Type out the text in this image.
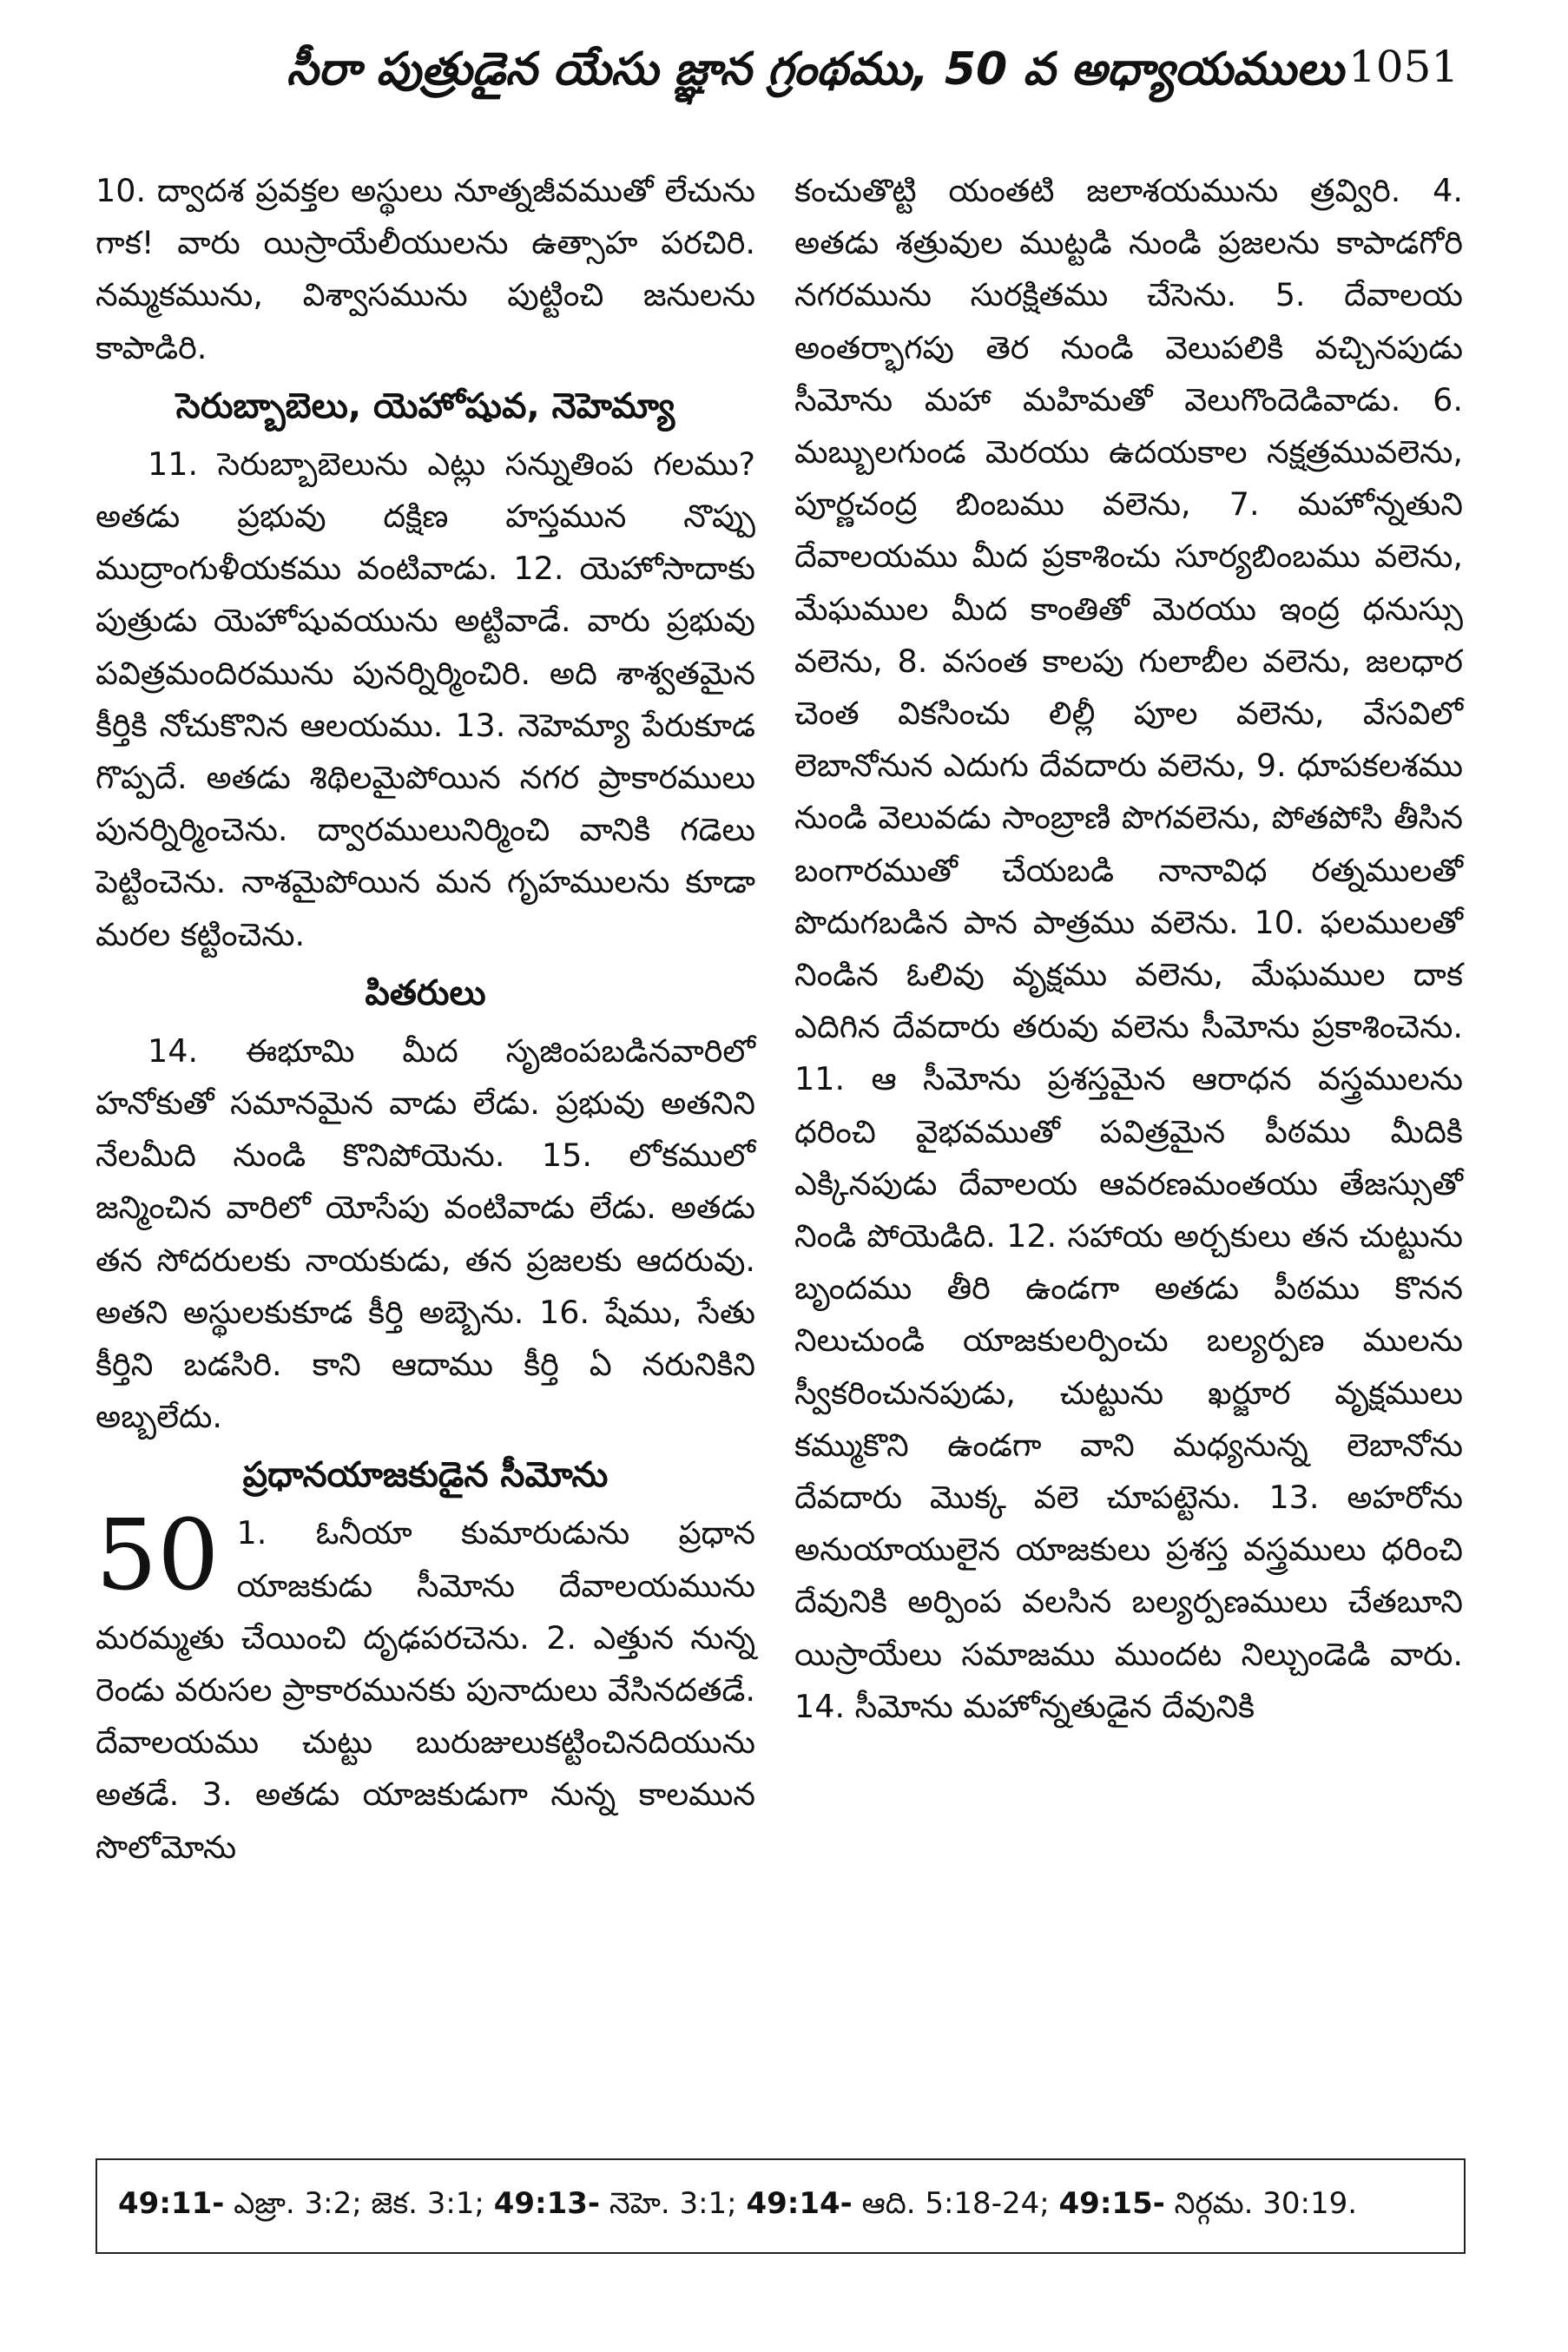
సీరా పుత్రుడైన యేసు జ్ఞాన గ్రంథము, 50 వ అధ్యాయములు 1051

10. ద్వాదశ ప్రవక్తల అస్థులు నూత్నజీవముతో లేచును గాక! వారు యిస్రాయేలీయులను ఉత్సాహ పరచిరి. నమ్మకమును, విశ్వాసమును పుట్టించి జనులను కాపాడిరి.

సెరుబ్బాబెలు, యెహోషువ, నెహెమ్యా

11. సెరుబ్బాబెలును ఎట్లు సన్నుతింప గలము? అతడు ప్రభువు దక్షిణ హస్తమున నొప్పు ముద్రాంగుళీయకము వంటివాడు. 12. యెహోసాదాకు పుత్రుడు యెహోషువయును అట్టివాడే. వారు ప్రభువు పవిత్రమందిరమును పునర్నిర్మించిరి. అది శాశ్వతమైన కీర్తికి నోచుకొనిన ఆలయము. 13. నెహెమ్యా పేరుకూడ గొప్పదే. అతడు శిథిలమైపోయిన నగర ప్రాకారములు పునర్నిర్మించెను. ద్వారములునిర్మించి వానికి గడెలు పెట్టించెను. నాశమైపోయిన మన గృహములను కూడా మరల కట్టించెను.

పితరులు

14. ఈభూమి మీద సృజింపబడినవారిలో హనోకుతో సమానమైన వాడు లేడు. ప్రభువు అతనిని నేలమీది నుండి కొనిపోయెను. 15. లోకములో జన్మించిన వారిలో యోసేపు వంటివాడు లేడు. అతడు తన సోదరులకు నాయకుడు, తన ప్రజలకు ఆదరువు. అతని అస్థులకుకూడ కీర్తి అబ్బెను. 16. షేము, సేతు కీర్తిని బడసిరి. కాని ఆదాము కీర్తి ఏ నరునికిని అబ్బలేదు.

ప్రధానయాజకుడైన సీమోను
50 1. ఓనీయా కుమారుడును ప్రధాన యాజకుడు సీమోను దేవాలయమును మరమ్మతు చేయించి దృఢపరచెను. 2. ఎత్తున నున్న రెండు వరుసల ప్రాకారమునకు పునాదులు వేసినదతడే. దేవాలయము చుట్టు బురుజులుకట్టించినదియును అతడే. 3. అతడు యాజకుడుగా నున్న కాలమున సొలోమోను

కంచుతొట్టి యంతటి జలాశయమును త్రవ్విరి. 4. అతడు శత్రువుల ముట్టడి నుండి ప్రజలను కాపాడగోరి నగరమును సురక్షితము చేసెను. 5. దేవాలయ అంతర్భాగపు తెర నుండి వెలుపలికి వచ్చినపుడు సీమోను మహా మహిమతో వెలుగొందెడివాడు. 6. మబ్బులగుండ మెరయు ఉదయకాల నక్షత్రమువలెను, పూర్ణచంద్ర బింబము వలెను, 7. మహోన్నతుని దేవాలయము మీద ప్రకాశించు సూర్యబింబము వలెను, మేఘముల మీద కాంతితో మెరయు ఇంద్ర ధనుస్సు వలెను, 8. వసంత కాలపు గులాబీల వలెను, జలధార చెంత వికసించు లిల్లీ పూల వలెను, వేసవిలో లెబానోనున ఎదుగు దేవదారు వలెను, 9. ధూపకలశము నుండి వెలువడు సాంబ్రాణి పొగవలెను, పోతపోసి తీసిన బంగారముతో చేయబడి నానావిధ రత్నములతో పొదుగబడిన పాన పాత్రము వలెను. 10. ఫలములతో నిండిన ఓలివు వృక్షము వలెను, మేఘముల దాక ఎదిగిన దేవదారు తరువు వలెను సీమోను ప్రకాశించెను. 11. ఆ సీమోను ప్రశస్తమైన ఆరాధన వస్త్రములను ధరించి వైభవముతో పవిత్రమైన పీఠము మీదికి ఎక్కినపుడు దేవాలయ ఆవరణమంతయు తేజస్సుతో నిండి పోయెడిది. 12. సహాయ అర్చకులు తన చుట్టును బృందము తీరి ఉండగా అతడు పీఠము కొనన నిలుచుండి యాజకులర్పించు బల్యర్పణ ములను స్వీకరించునపుడు, చుట్టును ఖర్జూర వృక్షములు కమ్ముకొని ఉండగా వాని మధ్యనున్న లెబానోను దేవదారు మొక్క వలె చూపట్టెను. 13. అహరోను అనుయాయులైన యాజకులు ప్రశస్త వస్త్రములు ధరించి దేవునికి అర్పింప వలసిన బల్యర్పణములు చేతబూని యిస్రాయేలు సమాజము ముందట నిల్చుండెడి వారు. 14. సీమోను మహోన్నతుడైన దేవునికి

49:11- ఎజ్రా. 3:2; జెక. 3:1; 49:13- నెహె. 3:1; 49:14- ఆది. 5:18-24; 49:15- నిర్గమ. 30:19.
